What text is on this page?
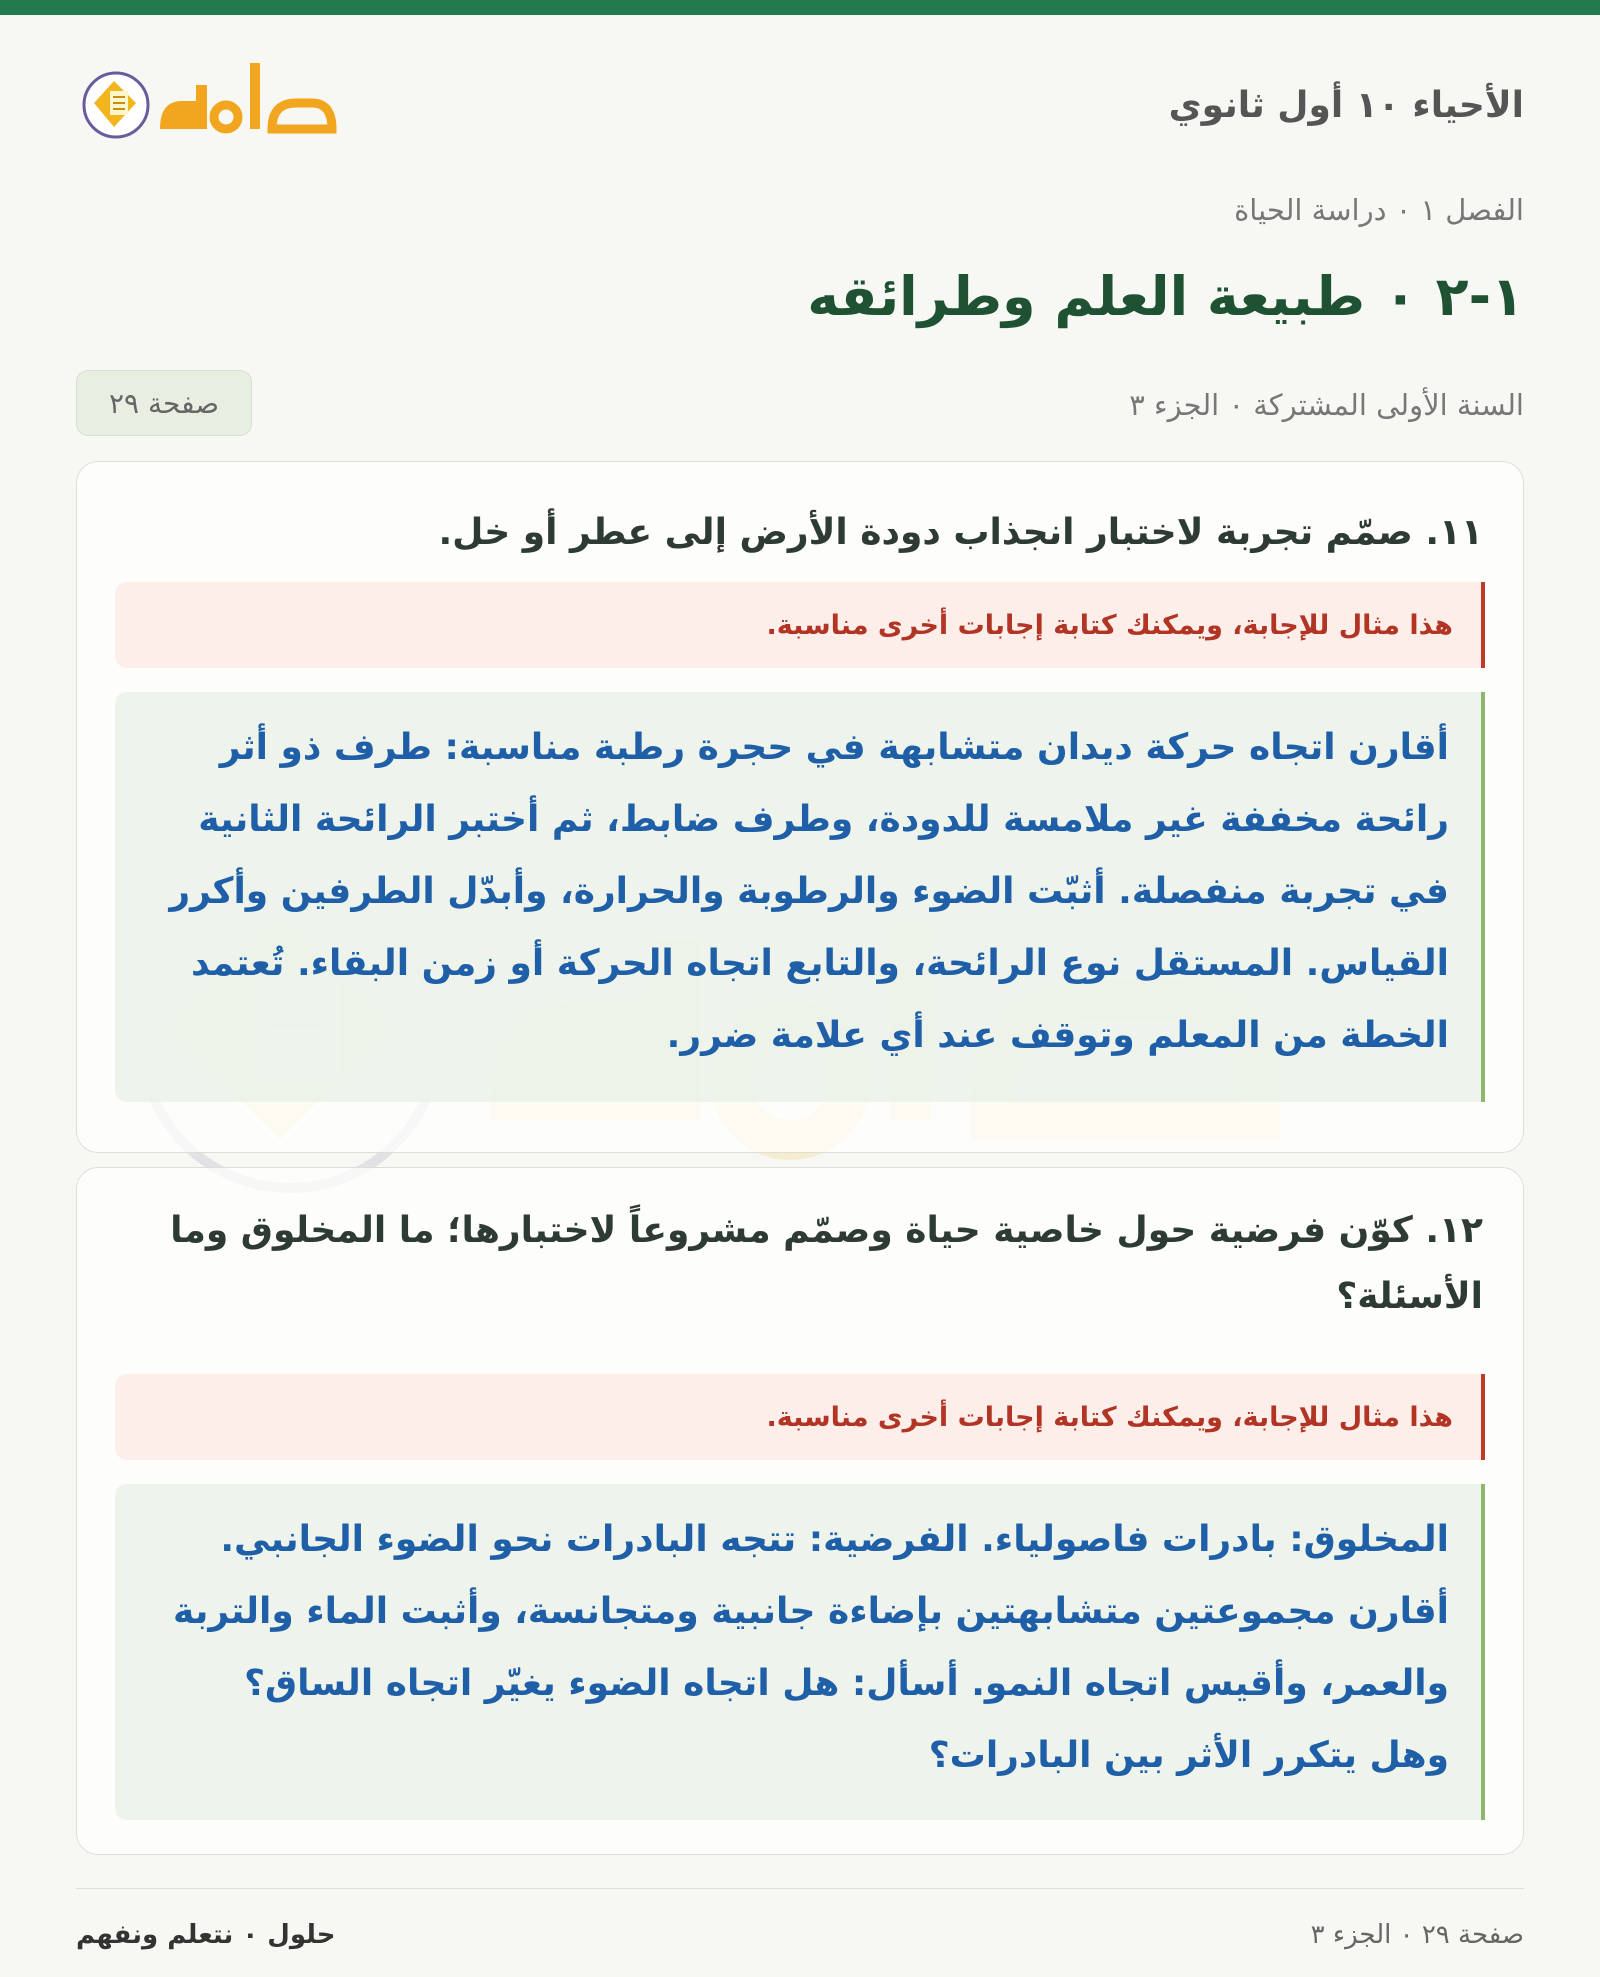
الأحياء ١٠ أول ثانوي
الفصل ١ ٠ دراسة الحياة
١-٢ ٠ طبيعة العلم وطرائقه
السنة الأولى المشتركة ٠ الجزء ٣
صفحة ٢٩
١١. صمّم تجربة لاختبار انجذاب دودة الأرض إلى عطر أو خل.
هذا مثال للإجابة، ويمكنك كتابة إجابات أخرى مناسبة.
أقارن اتجاه حركة ديدان متشابهة في حجرة رطبة مناسبة: طرف ذو أثر رائحة مخففة غير ملامسة للدودة، وطرف ضابط، ثم أختبر الرائحة الثانية في تجربة منفصلة. أثبّت الضوء والرطوبة والحرارة، وأبدّل الطرفين وأكرر القياس. المستقل نوع الرائحة، والتابع اتجاه الحركة أو زمن البقاء. تُعتمد الخطة من المعلم وتوقف عند أي علامة ضرر.
١٢. كوّن فرضية حول خاصية حياة وصمّم مشروعاً لاختبارها؛ ما المخلوق وما الأسئلة؟
هذا مثال للإجابة، ويمكنك كتابة إجابات أخرى مناسبة.
المخلوق: بادرات فاصولياء. الفرضية: تتجه البادرات نحو الضوء الجانبي. أقارن مجموعتين متشابهتين بإضاءة جانبية ومتجانسة، وأثبت الماء والتربة والعمر، وأقيس اتجاه النمو. أسأل: هل اتجاه الضوء يغيّر اتجاه الساق؟ وهل يتكرر الأثر بين البادرات؟
صفحة ٢٩ ٠ الجزء ٣
حلول ٠ نتعلم ونفهم
